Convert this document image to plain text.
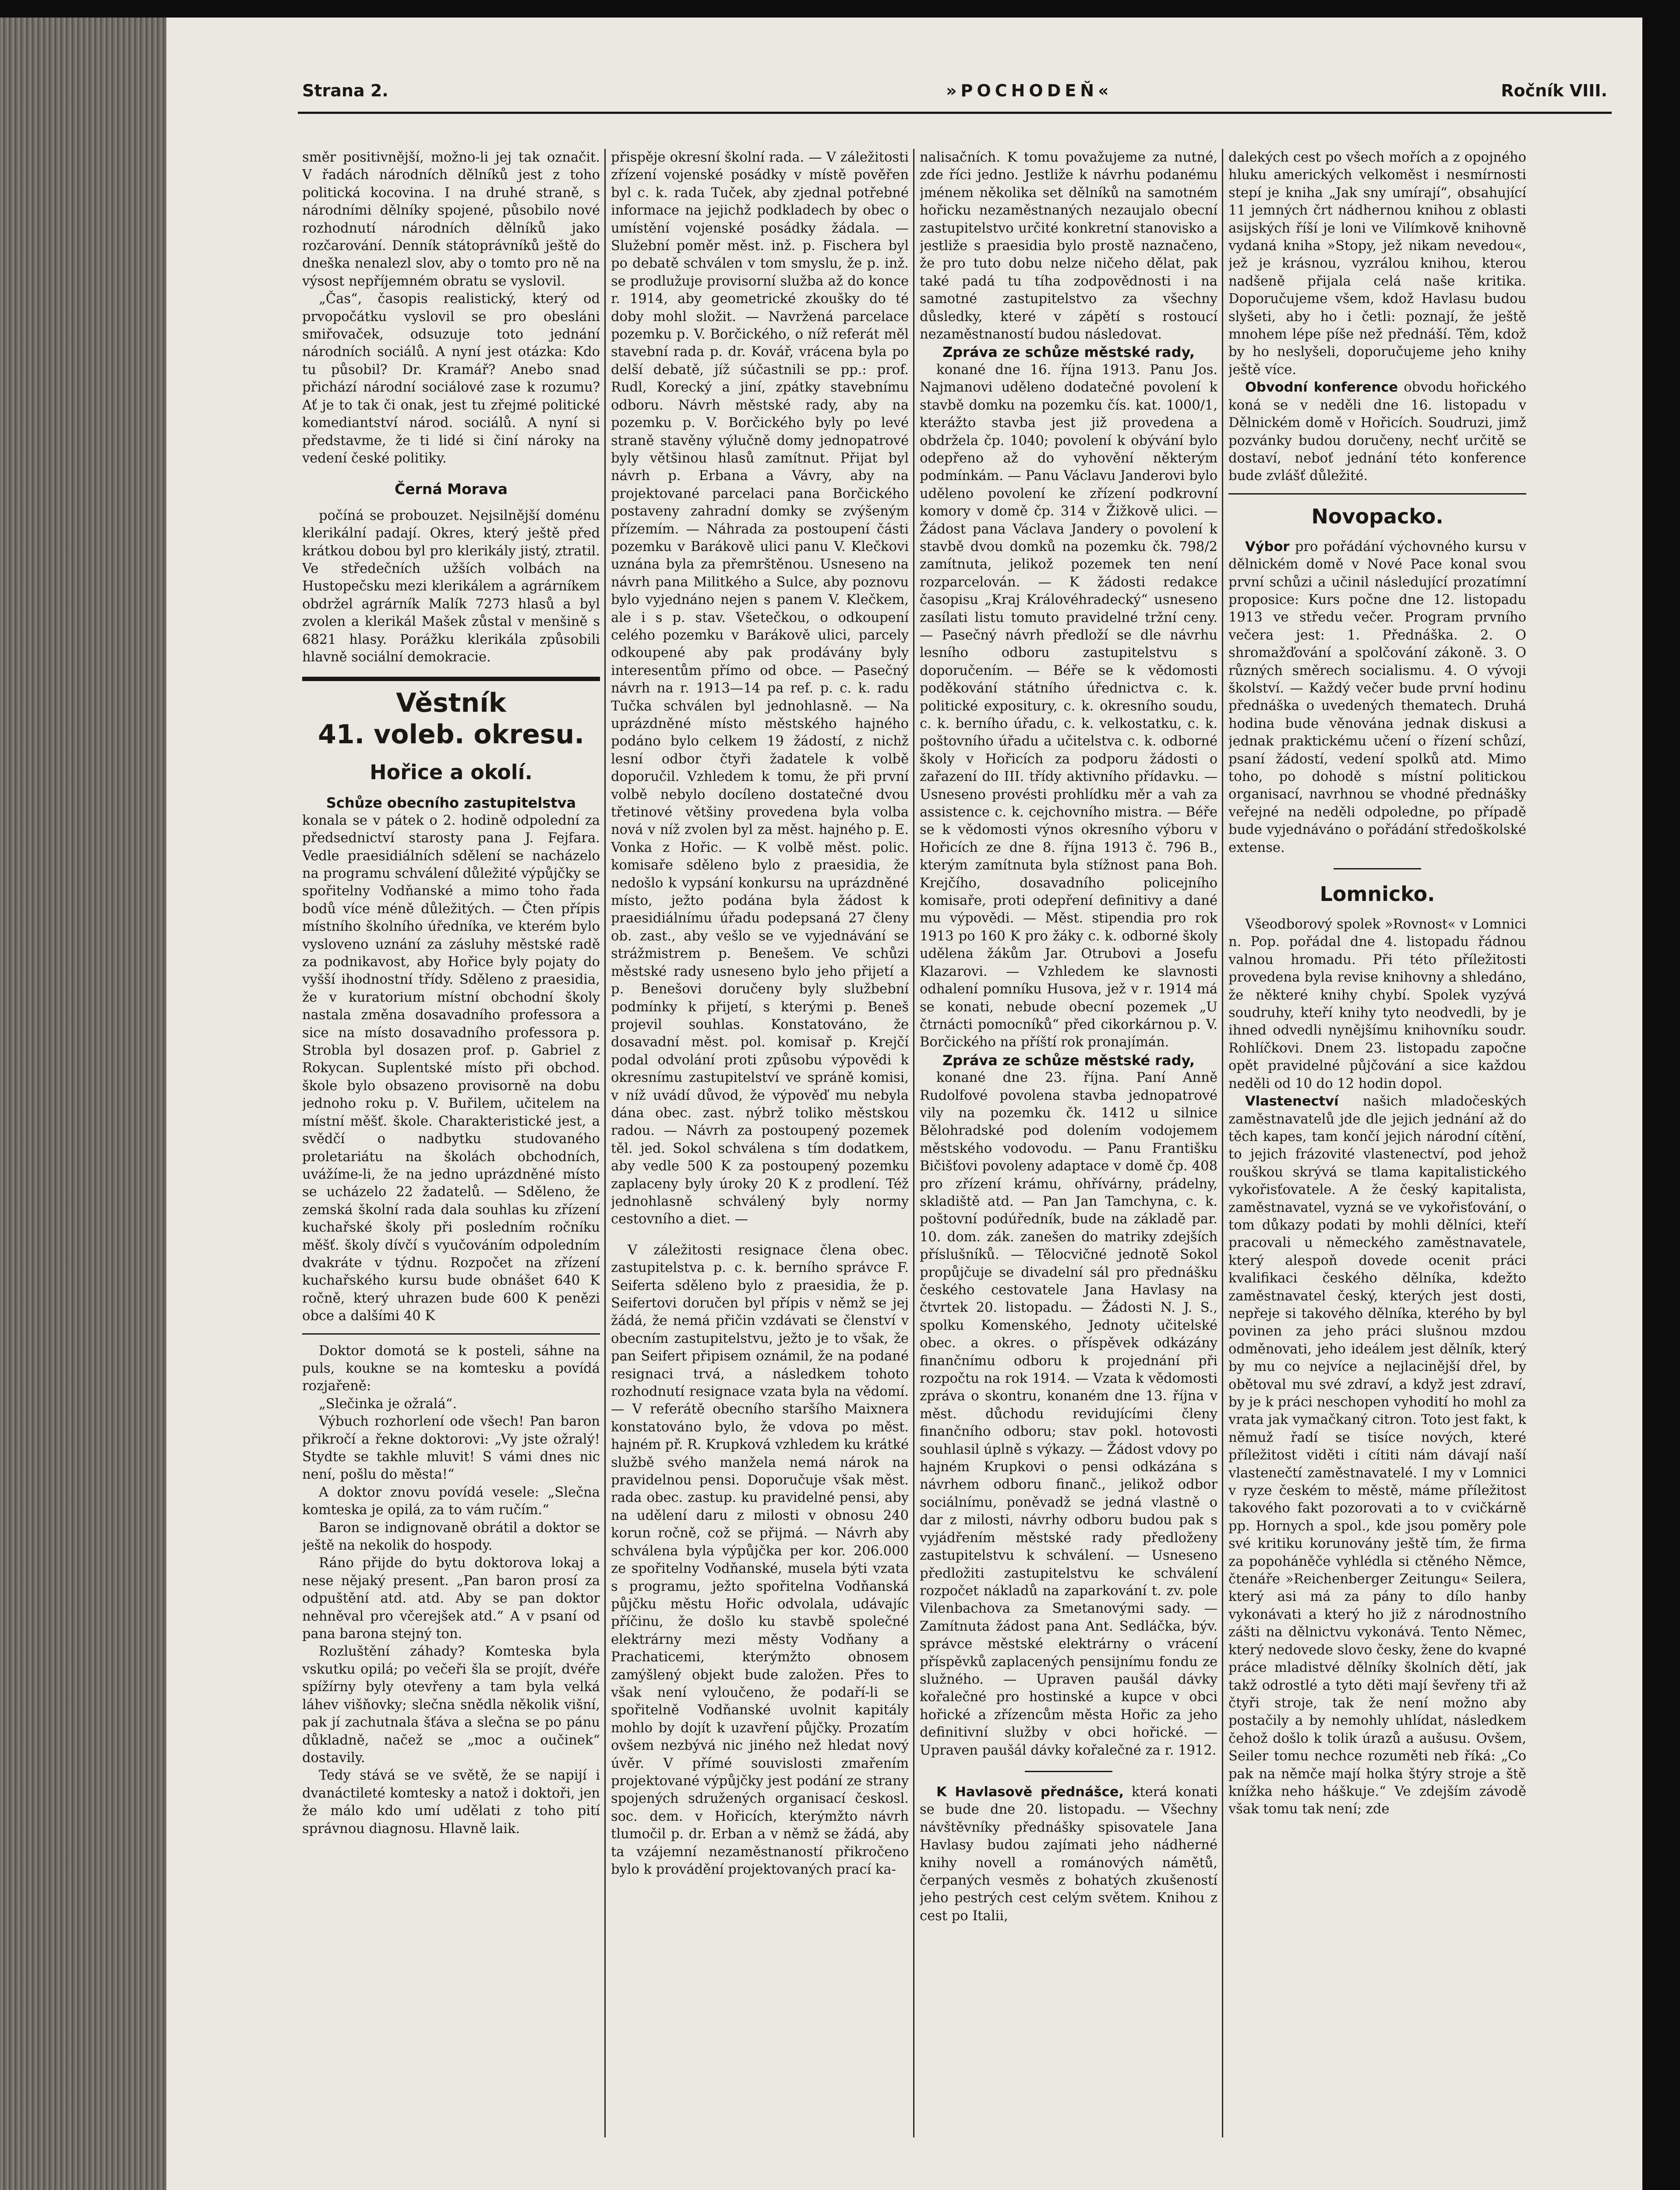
Strana 2.	»POCHODEŇ«	Ročník VIII.

směr positivnější, možno-li jej tak označit. V řadách národních dělníků jest z toho politická kocovina. I na druhé straně, s národními dělníky spojené, působilo nové rozhodnutí národních dělníků jako rozčarování. Denník státoprávníků ještě do dneška nenalezl slov, aby o tomto pro ně na výsost nepříjemném obratu se vyslovil.

„Čas“, časopis realistický, který od prvopočátku vyslovil se pro obesláni smiřovaček, odsuzuje toto jednání národních sociálů. A nyní jest otázka: Kdo tu působil? Dr. Kramář? Anebo snad přichází národní sociálové zase k rozumu? Ať je to tak či onak, jest tu zřejmé politické komediantství národ. sociálů. A nyní si představme, že ti lidé si činí nároky na vedení české politiky.

Černá Morava

počíná se probouzet. Nejsilnější doménu klerikální padají. Okres, který ještě před krátkou dobou byl pro klerikály jistý, ztratil. Ve středečních užších volbách na Hustopečsku mezi klerikálem a agrárníkem obdržel agrárník Malík 7273 hlasů a byl zvolen a klerikál Mašek zůstal v menšině s 6821 hlasy. Porážku klerikála způsobili hlavně sociální demokracie.

Věstník

41. voleb. okresu.

Hořice a okolí.

Schůze obecního zastupitelstva

konala se v pátek o 2. hodině odpolední za předsednictví starosty pana J. Fejfara. Vedle praesidiálních sdělení se nacházelo na programu schválení důležité výpůjčky se spořitelny Vodňanské a mimo toho řada bodů více méně důležitých. — Čten přípis místního školního úředníka, ve kterém bylo vysloveno uznání za zásluhy městské radě za podnikavost, aby Hořice byly pojaty do vyšší ihodnostní třídy. Sděleno z praesidia, že v kuratorium místní obchodní školy nastala změna dosavadního professora a sice na místo dosavadního professora p. Strobla byl dosazen prof. p. Gabriel z Rokycan. Suplentské místo při obchod. škole bylo obsazeno provisorně na dobu jednoho roku p. V. Buřilem, učitelem na místní měšť. škole. Charakteristické jest, a svědčí o nadbytku studovaného proletariátu na školách obchodních, uvážíme-li, že na jedno uprázdněné místo se ucházelo 22 žadatelů. — Sděleno, že zemská školní rada dala souhlas ku zřízení kuchařské školy při posledním ročníku měšť. školy dívčí s vyučováním odpoledním dvakráte v týdnu. Rozpočet na zřízení kuchařského kursu bude obnášet 640 K ročně, který uhrazen bude 600 K penězi obce a dalšími 40 K

Doktor domotá se k posteli, sáhne na puls, koukne se na komtesku a povídá rozjařeně:

„Slečinka je ožralá“.

Výbuch rozhorlení ode všech! Pan baron přikročí a řekne doktorovi: „Vy jste ožralý! Stydte se takhle mluvit! S vámi dnes nic není, pošlu do města!“

A doktor znovu povídá vesele: „Slečna komteska je opilá, za to vám ručím.“

Baron se indignovaně obrátil a doktor se ještě na nekolik do hospody.

Ráno přijde do bytu doktorova lokaj a nese nějaký present. „Pan baron prosí za odpuštění atd. atd. Aby se pan doktor nehněval pro včerejšek atd.“ A v psaní od pana barona stejný ton.

Rozluštění záhady? Komteska byla vskutku opilá; po večeři šla se projít, dvéře spížírny byly otevřeny a tam byla velká láhev višňovky; slečna snědla několik višní, pak jí zachutnala šťáva a slečna se po pánu důkladně, načež se „moc a oučinek“ dostavily.

Tedy stává se ve světě, že se napijí i dvanáctileté komtesky a natož i doktoři, jen že málo kdo umí udělati z toho pití správnou diagnosu. Hlavně laik.

přispěje okresní školní rada. — V záležitosti zřízení vojenské posádky v místě pověřen byl c. k. rada Tuček, aby zjednal potřebné informace na jejichž podkladech by obec o umístění vojenské posádky žádala. — Služební poměr měst. inž. p. Fischera byl po debatě schválen v tom smyslu, že p. inž. se prodlužuje provisorní služba až do konce r. 1914, aby geometrické zkoušky do té doby mohl složit. — Navržená parcelace pozemku p. V. Borčického, o níž referát měl stavební rada p. dr. Kovář, vrácena byla po delší debatě, jíž súčastnili se pp.: prof. Rudl, Korecký a jiní, zpátky stavebnímu odboru. Návrh městské rady, aby na pozemku p. V. Borčického byly po levé straně stavěny výlučně domy jednopatrové byly většinou hlasů zamítnut. Přijat byl návrh p. Erbana a Vávry, aby na projektované parcelaci pana Borčického postaveny zahradní domky se zvýšeným přízemím. — Náhrada za postoupení části pozemku v Barákově ulici panu V. Klečkovi uznána byla za přemrštěnou. Usneseno na návrh pana Militkého a Sulce, aby poznovu bylo vyjednáno nejen s panem V. Klečkem, ale i s p. stav. Všetečkou, o odkoupení celého pozemku v Barákově ulici, parcely odkoupené aby pak prodávány byly interesentům přímo od obce. — Pasečný návrh na r. 1913—14 pa ref. p. c. k. radu Tučka schválen byl jednohlasně. — Na uprázdněné místo městského hajného podáno bylo celkem 19 žádostí, z nichž lesní odbor čtyři žadatele k volbě doporučil. Vzhledem k tomu, že při první volbě nebylo docíleno dostatečné dvou třetinové většiny provedena byla volba nová v níž zvolen byl za měst. hajného p. E. Vonka z Hořic. — K volbě měst. polic. komisaře sděleno bylo z praesidia, že nedošlo k vypsání konkursu na uprázdněné místo, ježto podána byla žádost k praesidiálnímu úřadu podepsaná 27 členy ob. zast., aby vešlo se ve vyjednávání se strážmistrem p. Benešem. Ve schůzi městské rady usneseno bylo jeho přijetí a p. Benešovi doručeny byly službební podmínky k přijetí, s kterými p. Beneš projevil souhlas. Konstatováno, že dosavadní měst. pol. komisař p. Krejčí podal odvolání proti způsobu výpovědi k okresnímu zastupitelství ve spráně komisi, v níž uvádí důvod, že výpověď mu nebyla dána obec. zast. nýbrž toliko městskou radou. — Návrh za postoupený pozemek těl. jed. Sokol schválena s tím dodatkem, aby vedle 500 K za postoupený pozemku zaplaceny byly úroky 20 K z prodlení. Též jednohlasně schválený byly normy cestovního a diet. —

V záležitosti resignace člena obec. zastupitelstva p. c. k. berního správce F. Seiferta sděleno bylo z praesidia, že p. Seifertovi doručen byl přípis v němž se jej žádá, že nemá přičin vzdávati se členství v obecním zastupitelstvu, ježto je to však, že pan Seifert připisem oznámil, že na podané resignaci trvá, a následkem tohoto rozhodnutí resignace vzata byla na vědomí. — V referátě obecního staršího Maixnera konstatováno bylo, že vdova po měst. hajném př. R. Krupková vzhledem ku krátké službě svého manžela nemá nárok na pravidelnou pensi. Doporučuje však měst. rada obec. zastup. ku pravidelné pensi, aby na udělení daru z milosti v obnosu 240 korun ročně, což se přijmá. — Návrh aby schválena byla výpůjčka per kor. 206.000 ze spořitelny Vodňanské, musela býti vzata s programu, ježto spořitelna Vodňanská půjčku městu Hořic odvolala, udávajíc příčinu, že došlo ku stavbě společné elektrárny mezi městy Vodňany a Prachaticemi, kterýmžto obnosem zamýšlený objekt bude založen. Přes to však není vyloučeno, že podaří-li se spořitelně Vodňanské uvolnit kapitály mohlo by dojít k uzavření půjčky. Prozatím ovšem nezbývá nic jiného než hledat nový úvěr. V přímé souvislosti zmařením projektované výpůjčky jest podání ze strany spojených sdružených organisací českosl. soc. dem. v Hořicích, kterýmžto návrh tlumočil p. dr. Erban a v němž se žádá, aby ta vzájemní nezaměstnaností přikročeno bylo k provádění projektovaných prací ka-

nalisačních. K tomu považujeme za nutné, zde říci jedno. Jestliže k návrhu podanému jménem několika set dělníků na samotném hořicku nezaměstnaných nezaujalo obecní zastupitelstvo určité konkretní stanovisko a jestliže s praesidia bylo prostě naznačeno, že pro tuto dobu nelze ničeho dělat, pak také padá tu tíha zodpovědnosti i na samotné zastupitelstvo za všechny důsledky, které v zápětí s rostoucí nezaměstnaností budou následovat.

Zpráva ze schůze městské rady,

konané dne 16. října 1913. Panu Jos. Najmanovi uděleno dodatečné povolení k stavbě domku na pozemku čís. kat. 1000/1, kterážto stavba jest již provedena a obdržela čp. 1040; povolení k obývání bylo odepřeno až do vyhovění některým podmínkám. — Panu Václavu Janderovi bylo uděleno povolení ke zřízení podkrovní komory v domě čp. 314 v Žižkově ulici. — Žádost pana Václava Jandery o povolení k stavbě dvou domků na pozemku čk. 798/2 zamítnuta, jelikož pozemek ten není rozparcelován. — K žádosti redakce časopisu „Kraj Královéhradecký“ usneseno zasílati listu tomuto pravidelné tržní ceny. — Pasečný návrh předloží se dle návrhu lesního odboru zastupitelstvu s doporučením. — Béře se k vědomosti poděkování státního úřednictva c. k. politické expositury, c. k. okresního soudu, c. k. berního úřadu, c. k. velkostatku, c. k. poštovního úřadu a učitelstva c. k. odborné školy v Hořicích za podporu žádosti o zařazení do III. třídy aktivního přídavku. — Usneseno provésti prohlídku měr a vah za assistence c. k. cejchovního mistra. — Béře se k vědomosti výnos okresního výboru v Hořicích ze dne 8. října 1913 č. 796 B., kterým zamítnuta byla stížnost pana Boh. Krejčího, dosavadního policejního komisaře, proti odepření definitivy a dané mu výpovědi. — Měst. stipendia pro rok 1913 po 160 K pro žáky c. k. odborné školy udělena žákům Jar. Otrubovi a Josefu Klazarovi. — Vzhledem ke slavnosti odhalení pomníku Husova, jež v r. 1914 má se konati, nebude obecní pozemek „U čtrnácti pomocníků“ před cikorkárnou p. V. Borčického na příští rok pronajímán.

Zpráva ze schůze městské rady,

konané dne 23. října. Paní Anně Rudolfové povolena stavba jednopatrové vily na pozemku čk. 1412 u silnice Bělohradské pod dolením vodojemem městského vodovodu. — Panu Františku Bičišťovi povoleny adaptace v domě čp. 408 pro zřízení krámu, ohřívárny, prádelny, skladiště atd. — Pan Jan Tamchyna, c. k. poštovní podúředník, bude na základě par. 10. dom. zák. zanešen do matriky zdejších příslušníků. — Tělocvičné jednotě Sokol propůjčuje se divadelní sál pro přednášku českého cestovatele Jana Havlasy na čtvrtek 20. listopadu. — Žádosti N. J. S., spolku Komenského, Jednoty učitelské obec. a okres. o příspěvek odkázány finančnímu odboru k projednání při rozpočtu na rok 1914. — Vzata k vědomosti zpráva o skontru, konaném dne 13. října v měst. důchodu revidujícími členy finančního odboru; stav pokl. hotovosti souhlasil úplně s výkazy. — Žádost vdovy po hajném Krupkovi o pensi odkázána s návrhem odboru finanč., jelikož odbor sociálnímu, poněvadž se jedná vlastně o dar z milosti, návrhy odboru budou pak s vyjádřením městské rady předloženy zastupitelstvu k schválení. — Usneseno předložiti zastupitelstvu ke schválení rozpočet nákladů na zaparkování t. zv. pole Vilenbachova za Smetanovými sady. — Zamítnuta žádost pana Ant. Sedláčka, býv. správce městské elektrárny o vrácení příspěvků zaplacených pensijnímu fondu ze služného. — Upraven paušál dávky kořalečné pro hostinské a kupce v obci hořické a zřízencům města Hořic za jeho definitivní služby v obci hořické. — Upraven paušál dávky kořalečné za r. 1912.

K Havlasově přednášce, která konati se bude dne 20. listopadu. — Všechny návštěvníky přednášky spisovatele Jana Havlasy budou zajímati jeho nádherné knihy novell a románových námětů, čerpaných vesměs z bohatých zkušeností jeho pestrých cest celým světem. Knihou z cest po Italii,

dalekých cest po všech mořích a z opojného hluku amerických velkoměst i nesmírnosti stepí je kniha „Jak sny umírají“, obsahující 11 jemných črt nádhernou knihou z oblasti asijských říší je loni ve Vilímkově knihovně vydaná kniha »Stopy, jež nikam nevedou«, jež je krásnou, vyzrálou knihou, kterou nadšeně přijala celá naše kritika. Doporučujeme všem, kdož Havlasu budou slyšeti, aby ho i četli: poznají, že ještě mnohem lépe píše než přednáší. Těm, kdož by ho neslyšeli, doporučujeme jeho knihy ještě více.

Obvodní konference obvodu hořického koná se v neděli dne 16. listopadu v Dělnickém domě v Hořicích. Soudruzi, jimž pozvánky budou doručeny, nechť určitě se dostaví, neboť jednání této konference bude zvlášť důležité.

Novopacko.

Výbor pro pořádání výchovného kursu v dělnickém domě v Nové Pace konal svou první schůzi a učinil následující prozatímní proposice: Kurs počne dne 12. listopadu 1913 ve středu večer. Program prvního večera jest: 1. Přednáška. 2. O shromažďování a spolčování zákoně. 3. O různých směrech socialismu. 4. O vývoji školství. — Každý večer bude první hodinu přednáška o uvedených thematech. Druhá hodina bude věnována jednak diskusi a jednak praktickému učení o řízení schůzí, psaní žádostí, vedení spolků atd. Mimo toho, po dohodě s místní politickou organisací, navrhnou se vhodné přednášky veřejné na neděli odpoledne, po případě bude vyjednáváno o pořádání středoškolské extense.

Lomnicko.

Všeodborový spolek »Rovnost« v Lomnici n. Pop. pořádal dne 4. listopadu řádnou valnou hromadu. Při této příležitosti provedena byla revise knihovny a shledáno, že některé knihy chybí. Spolek vyzývá soudruhy, kteří knihy tyto neodvedli, by je ihned odvedli nynějšímu knihovníku soudr. Rohlíčkovi. Dnem 23. listopadu započne opět pravidelné půjčování a sice každou neděli od 10 do 12 hodin dopol.

Vlastenectví našich mladočeských zaměstnavatelů jde dle jejich jednání až do těch kapes, tam končí jejich národní cítění, to jejich frázovité vlastenectví, pod jehož rouškou skrývá se tlama kapitalistického vykořisťovatele. A že český kapitalista, zaměstnavatel, vyzná se ve vykořisťování, o tom důkazy podati by mohli dělníci, kteří pracovali u německého zaměstnavatele, který alespoň dovede ocenit práci kvalifikaci českého dělníka, kdežto zaměstnavatel český, kterých jest dosti, nepřeje si takového dělníka, kterého by byl povinen za jeho práci slušnou mzdou odměnovati, jeho ideálem jest dělník, který by mu co nejvíce a nejlacinější dřel, by obětoval mu své zdraví, a když jest zdraví, by je k práci neschopen vyhodití ho mohl za vrata jak vymačkaný citron. Toto jest fakt, k němuž řadí se tisíce nových, které příležitost viděti i cítiti nám dávají naší vlastenečtí zaměstnavatelé. I my v Lomnici v ryze českém to městě, máme příležitost takového fakt pozorovati a to v cvičkárně pp. Hornych a spol., kde jsou poměry pole své kritiku korunovány ještě tím, že firma za popoháněče vyhlédla si ctěného Němce, čtenáře »Reichenberger Zeitungu« Seilera, který asi má za pány to dílo hanby vykonávati a který ho již z národnostního zášti na dělnictvu vykonává. Tento Němec, který nedovede slovo česky, žene do kvapné práce mladistvé dělníky školních dětí, jak takž odrostlé a tyto děti mají ševřeny tři až čtyři stroje, tak že není možno aby postačily a by nemohly uhlídat, následkem čehož došlo k tolik úrazů a aušusu. Ovšem, Seiler tomu nechce rozuměti neb říká: „Co pak na němče mají holka štýry stroje a ště knížka neho háškuje.“ Ve zdejším závodě však tomu tak není; zde
